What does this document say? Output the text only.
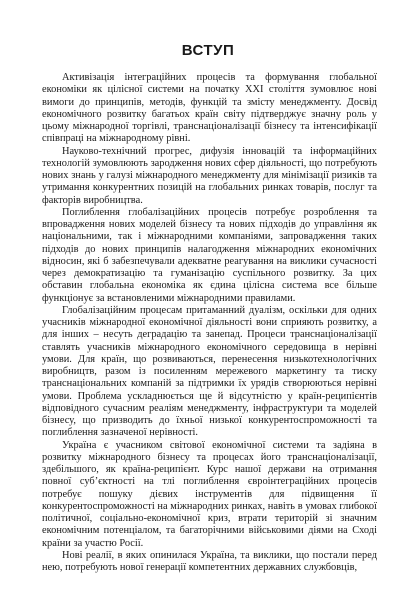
ВСТУП

Активізація інтеграційних процесів та формування глобальної економіки як цілісної системи на початку ХХІ століття зумовлює нові вимоги до принципів, методів, функцій та змісту менеджменту. Досвід економічного розвитку багатьох країн світу підтверджує значну роль у цьому міжнародної торгівлі, транснаціоналізації бізнесу та інтенсифікації співпраці на міжнародному рівні.

Науково-технічний прогрес, дифузія інновацій та інформаційних технологій зумовлюють зародження нових сфер діяльності, що потребують нових знань у галузі міжнародного менеджменту для мінімізації ризиків та утримання конкурентних позицій на глобальних ринках товарів, послуг та факторів виробництва.

Поглиблення глобалізаційних процесів потребує розроблення та впровадження нових моделей бізнесу та нових підходів до управління як національними, так і міжнародними компаніями, запровадження таких підходів до нових принципів налагодження міжнародних економічних відносин, які б забезпечували адекватне реагування на виклики сучасності через демократизацію та гуманізацію суспільного розвитку. За цих обставин глобальна економіка як єдина цілісна система все більше функціонує за встановленими міжнародними правилами.

Глобалізаційним процесам притаманний дуалізм, оскільки для одних учасників міжнародної економічної діяльності вони сприяють розвитку, а для інших – несуть деградацію та занепад. Процеси транснаціоналізації ставлять учасників міжнародного економічного середовища в нерівні умови. Для країн, що розвиваються, перенесення низькотехнологічних виробництв, разом із посиленням мережевого маркетингу та тиску транснаціональних компаній за підтримки їх урядів створюються нерівні умови. Проблема ускладнюється ще й відсутністю у країн-реципієнтів відповідного сучасним реаліям менеджменту, інфраструктури та моделей бізнесу, що призводить до їхньої низької конкурентоспроможності та поглиблення зазначеної нерівності.

Україна є учасником світової економічної системи та задіяна в розвитку міжнародного бізнесу та процесах його транснаціоналізації, здебільшого, як країна-реципієнт. Курс нашої держави на отримання повної суб’єктності на тлі поглиблення євроінтеграційних процесів потребує пошуку дієвих інструментів для підвищення її конкурентоспроможності на міжнародних ринках, навіть в умовах глибокої політичної, соціально-економічної криз, втрати територій зі значним економічним потенціалом, та багаторічними військовими діями на Сході країни за участю Росії.

Нові реалії, в яких опинилася Україна, та виклики, що постали перед нею, потребують нової генерації компетентних державних службовців,
